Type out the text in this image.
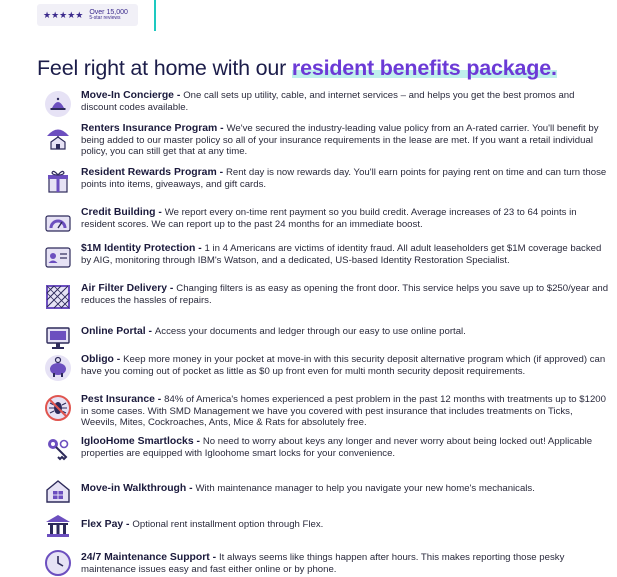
★★★★★ Over 15,000
5-star reviews
Feel right at home with our resident benefits package.
Move-In Concierge - One call sets up utility, cable, and internet services – and helps you get the best promos and discount codes available.
Renters Insurance Program - We've secured the industry-leading value policy from an A-rated carrier. You'll benefit by being added to our master policy so all of your insurance requirements in the lease are met. If you want a retail individual policy, you can still get that at any time.
Resident Rewards Program - Rent day is now rewards day. You'll earn points for paying rent on time and can turn those points into items, giveaways, and gift cards.
Credit Building - We report every on-time rent payment so you build credit. Average increases of 23 to 64 points in resident scores. We can report up to the past 24 months for an immediate boost.
$1M Identity Protection - 1 in 4 Americans are victims of identity fraud. All adult leaseholders get $1M coverage backed by AIG, monitoring through IBM's Watson, and a dedicated, US-based Identity Restoration Specialist.
Air Filter Delivery - Changing filters is as easy as opening the front door. This service helps you save up to $250/year and reduces the hassles of repairs.
Online Portal - Access your documents and ledger through our easy to use online portal.
Obligo - Keep more money in your pocket at move-in with this security deposit alternative program which (if approved) can have you coming out of pocket as little as $0 up front even for multi month security deposit requirements.
Pest Insurance - 84% of America's homes experienced a pest problem in the past 12 months with treatments up to $1200 in some cases. With SMD Management we have you covered with pest insurance that includes treatments on Ticks, Weevils, Mites, Cockroaches, Ants, Mice & Rats for absolutely free.
IglooHome Smartlocks - No need to worry about keys any longer and never worry about being locked out! Applicable properties are equipped with Igloohome smart locks for your convenience.
Move-in Walkthrough - With maintenance manager to help you navigate your new home's mechanicals.
Flex Pay - Optional rent installment option through Flex.
24/7 Maintenance Support - It always seems like things happen after hours. This makes reporting those pesky maintenance issues easy and fast either online or by phone.
